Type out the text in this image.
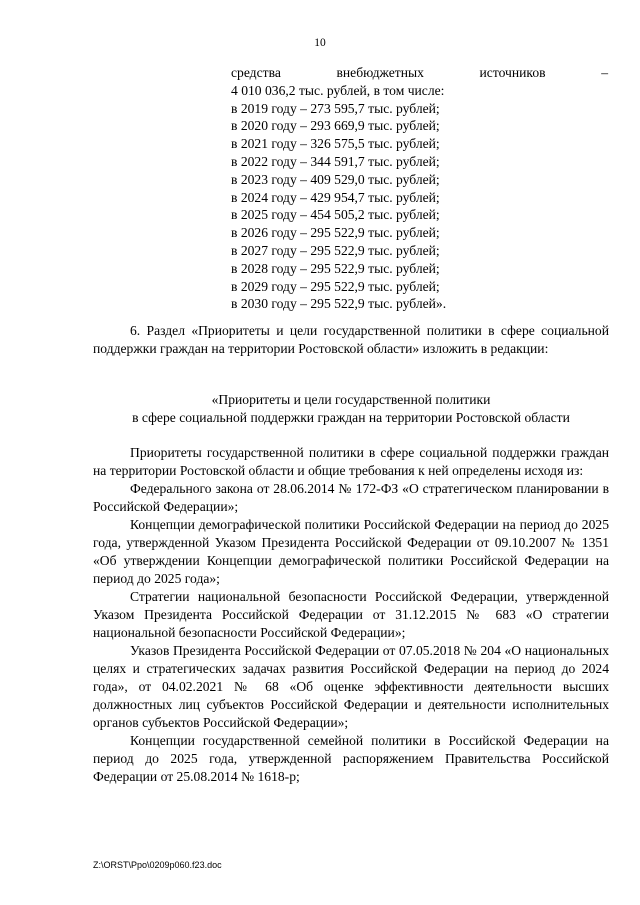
10
средства	внебюджетных	источников	–
4 010 036,2 тыс. рублей, в том числе:
в 2019 году – 273 595,7 тыс. рублей;
в 2020 году – 293 669,9 тыс. рублей;
в 2021 году – 326 575,5 тыс. рублей;
в 2022 году – 344 591,7 тыс. рублей;
в 2023 году – 409 529,0 тыс. рублей;
в 2024 году – 429 954,7 тыс. рублей;
в 2025 году – 454 505,2 тыс. рублей;
в 2026 году – 295 522,9 тыс. рублей;
в 2027 году – 295 522,9 тыс. рублей;
в 2028 году – 295 522,9 тыс. рублей;
в 2029 году – 295 522,9 тыс. рублей;
в 2030 году – 295 522,9 тыс. рублей».

6. Раздел «Приоритеты и цели государственной политики в сфере социальной поддержки граждан на территории Ростовской области» изложить в редакции:

«Приоритеты и цели государственной политики
в сфере социальной поддержки граждан на территории Ростовской области

Приоритеты государственной политики в сфере социальной поддержки граждан на территории Ростовской области и общие требования к ней определены исходя из:

Федерального закона от 28.06.2014 № 172-ФЗ «О стратегическом планировании в Российской Федерации»;

Концепции демографической политики Российской Федерации на период до 2025 года, утвержденной Указом Президента Российской Федерации от 09.10.2007 № 1351 «Об утверждении Концепции демографической политики Российской Федерации на период до 2025 года»;

Стратегии национальной безопасности Российской Федерации, утвержденной Указом Президента Российской Федерации от 31.12.2015 № 683 «О стратегии национальной безопасности Российской Федерации»;

Указов Президента Российской Федерации от 07.05.2018 № 204 «О национальных целях и стратегических задачах развития Российской Федерации на период до 2024 года», от 04.02.2021 № 68 «Об оценке эффективности деятельности высших должностных лиц субъектов Российской Федерации и деятельности исполнительных органов субъектов Российской Федерации»;

Концепции государственной семейной политики в Российской Федерации на период до 2025 года, утвержденной распоряжением Правительства Российской Федерации от 25.08.2014 № 1618-р;

Z:\ORST\Ppo\0209p060.f23.doc
